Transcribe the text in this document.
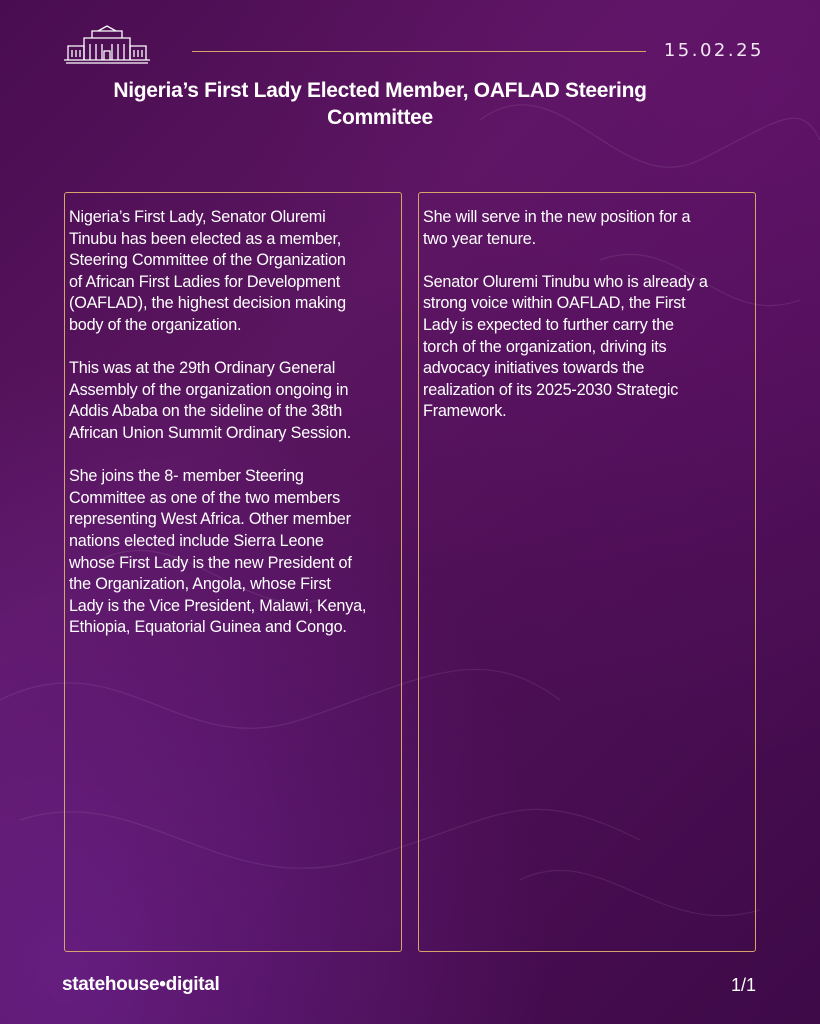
15.02.25
Nigeria’s First Lady Elected Member, OAFLAD Steering Committee

Nigeria’s First Lady, Senator Oluremi
Tinubu has been elected as a member,
Steering Committee of the Organization
of African First Ladies for Development
(OAFLAD), the highest decision making
body of the organization.

This was at the 29th Ordinary General
Assembly of the organization ongoing in
Addis Ababa on the sideline of the 38th
African Union Summit Ordinary Session.

She joins the 8- member Steering
Committee as one of the two members
representing West Africa. Other member
nations elected include Sierra Leone
whose First Lady is the new President of
the Organization, Angola, whose First
Lady is the Vice President, Malawi, Kenya,
Ethiopia, Equatorial Guinea and Congo.

She will serve in the new position for a
two year tenure.

Senator Oluremi Tinubu who is already a
strong voice within OAFLAD, the First
Lady is expected to further carry the
torch of the organization, driving its
advocacy initiatives towards the
realization of its 2025-2030 Strategic
Framework.

statehouse•digital	1/1
